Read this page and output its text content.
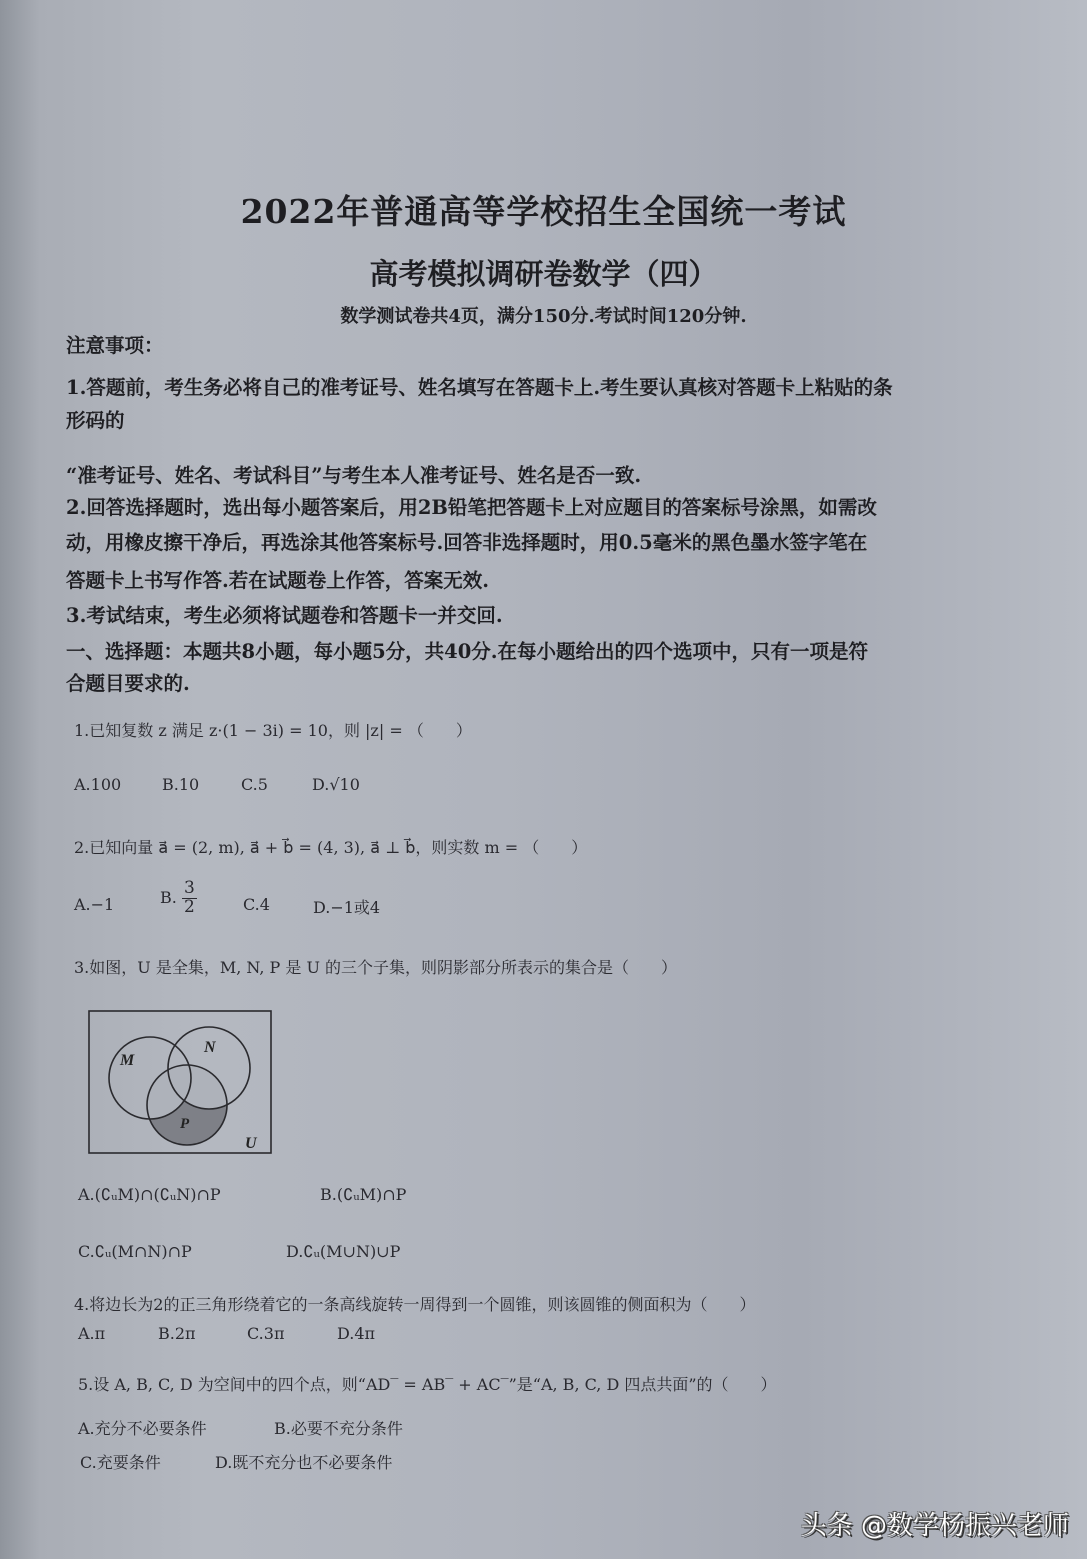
2022年普通高等学校招生全国统一考试
高考模拟调研卷数学（四）
数学测试卷共4页，满分150分.考试时间120分钟.
注意事项：
1.答题前，考生务必将自己的准考证号、姓名填写在答题卡上.考生要认真核对答题卡上粘贴的条
形码的
“准考证号、姓名、考试科目”与考生本人准考证号、姓名是否一致.
2.回答选择题时，选出每小题答案后，用2B铅笔把答题卡上对应题目的答案标号涂黑，如需改
动，用橡皮擦干净后，再选涂其他答案标号.回答非选择题时，用0.5毫米的黑色墨水签字笔在
答题卡上书写作答.若在试题卷上作答，答案无效.
3.考试结束，考生必须将试题卷和答题卡一并交回.
一、选择题：本题共8小题，每小题5分，共40分.在每小题给出的四个选项中，只有一项是符
合题目要求的.
1.已知复数 z 满足 z·(1 − 3i) = 10，则 |z| = （　　）
A.100	B.10	C.5	D.√10
2.已知向量 a⃗ = (2, m), a⃗ + b⃗ = (4, 3), a⃗ ⊥ b⃗，则实数 m = （　　）
A.−1	B. $\frac{3}{2}$	C.4	D.−1或4
3.如图，U 是全集，M, N, P 是 U 的三个子集，则阴影部分所表示的集合是（　　）
M
N
P
U
A.(∁ᵤM)∩(∁ᵤN)∩P	B.(∁ᵤM)∩P
C.∁ᵤ(M∩N)∩P	D.∁ᵤ(M∪N)∪P
4.将边长为2的正三角形绕着它的一条高线旋转一周得到一个圆锥，则该圆锥的侧面积为（　　）
A.π	B.2π	C.3π	D.4π
5.设 A, B, C, D 为空间中的四个点，则“AD‾ = AB‾ + AC‾”是“A, B, C, D 四点共面”的（　　）
A.充分不必要条件	B.必要不充分条件
C.充要条件	D.既不充分也不必要条件
头条 @数学杨振兴老师
